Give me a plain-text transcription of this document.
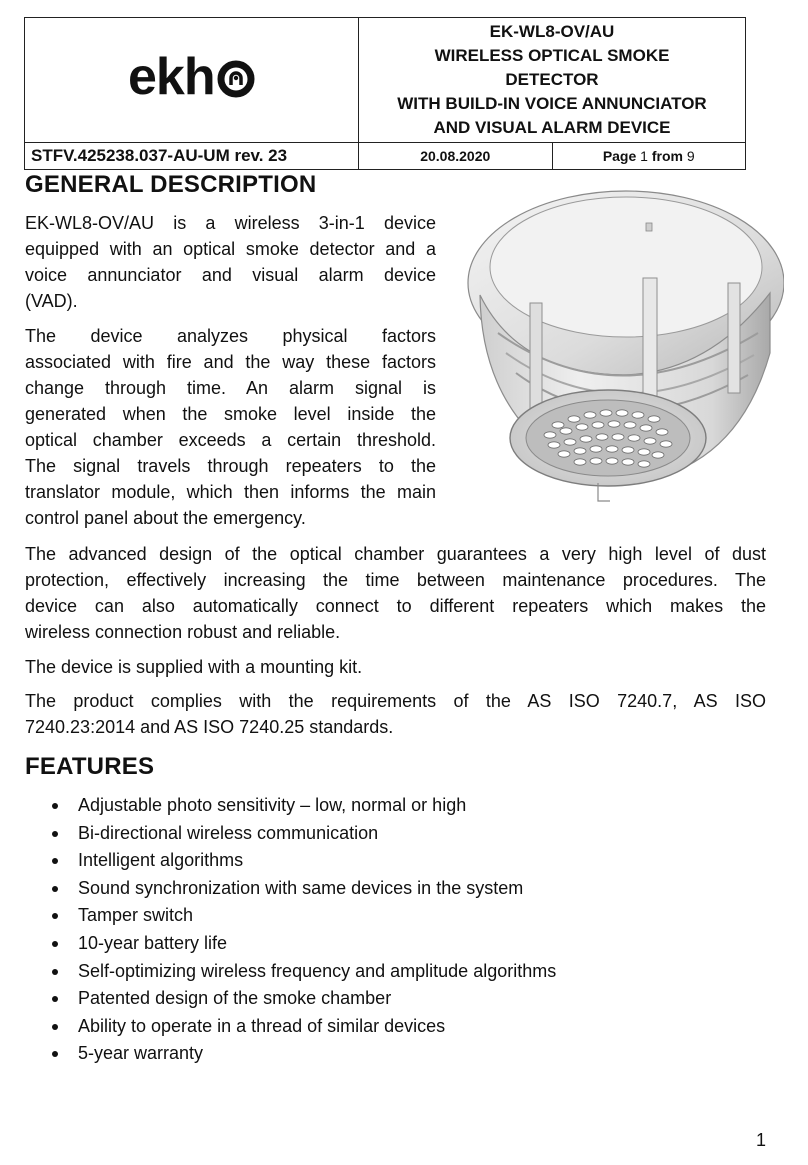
ekh	EK-WL8-OV/AU
WIRELESS OPTICAL SMOKE
DETECTOR
WITH BUILD-IN VOICE ANNUNCIATOR
AND VISUAL ALARM DEVICE	

STFV.425238.037-AU-UM rev. 23	20.08.2020	Page 1 from 9
GENERAL DESCRIPTION
EK-WL8-OV/AU is a wireless 3-in-1 device
equipped with an optical smoke detector and a
voice annunciator and visual alarm device
(VAD).
The device analyzes physical factors
associated with fire and the way these factors
change through time. An alarm signal is
generated when the smoke level inside the
optical chamber exceeds a certain threshold.
The signal travels through repeaters to the
translator module, which then informs the main
control panel about the emergency.
The advanced design of the optical chamber guarantees a very high level of dust
protection, effectively increasing the time between maintenance procedures. The
device can also automatically connect to different repeaters which makes the
wireless connection robust and reliable.
The device is supplied with a mounting kit.
The product complies with the requirements of the AS ISO 7240.7, AS ISO
7240.23:2014 and AS ISO 7240.25 standards.
FEATURES
Adjustable photo sensitivity – low, normal or high
Bi-directional wireless communication
Intelligent algorithms
Sound synchronization with same devices in the system
Tamper switch
10-year battery life
Self-optimizing wireless frequency and amplitude algorithms
Patented design of the smoke chamber
Ability to operate in a thread of similar devices
5-year warranty
1
